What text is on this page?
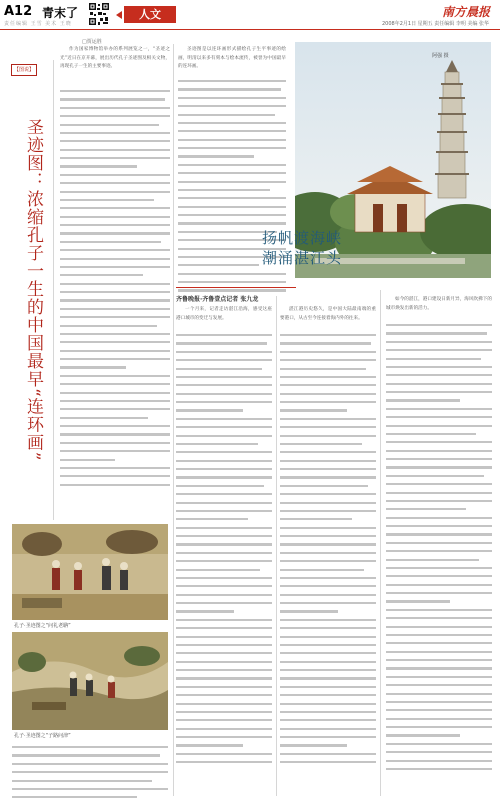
A12 青末了
责任编辑 王雪 美术 王晓
人文	南方晨报
2008年2月1日 星期五 责任编辑 李明 美编 张华
【图说】
圣迹图：浓缩孔子一生的中国最早“连环画”
□贾运胜

作为国家博物馆举办的系列展览之一，“圣迹之光”近日在京开幕，展出历代孔子圣迹图及相关文物，再现孔子一生的主要事迹。

圣迹图是以连环画形式描绘孔子生平事迹的绘画，明清以来多有刻本与绘本流传，被誉为中国最早的连环画。

阿强 摄
扬帆渡海峡
潮涌湛江头
齐鲁晚报·齐鲁壹点记者 张九龙

一个月来，记者走访湛江沿海，感受这座港口城市的变迁与发展。

湛江港历史悠久，是中国大陆最南端的重要港口，从古至今连接着海内外的往来。

如今的湛江，港口建设日新月异，海风吹拂下的城市焕发出新的活力。

孔子·圣迹图之“问礼老聃”
孔子·圣迹图之“子路问津”
